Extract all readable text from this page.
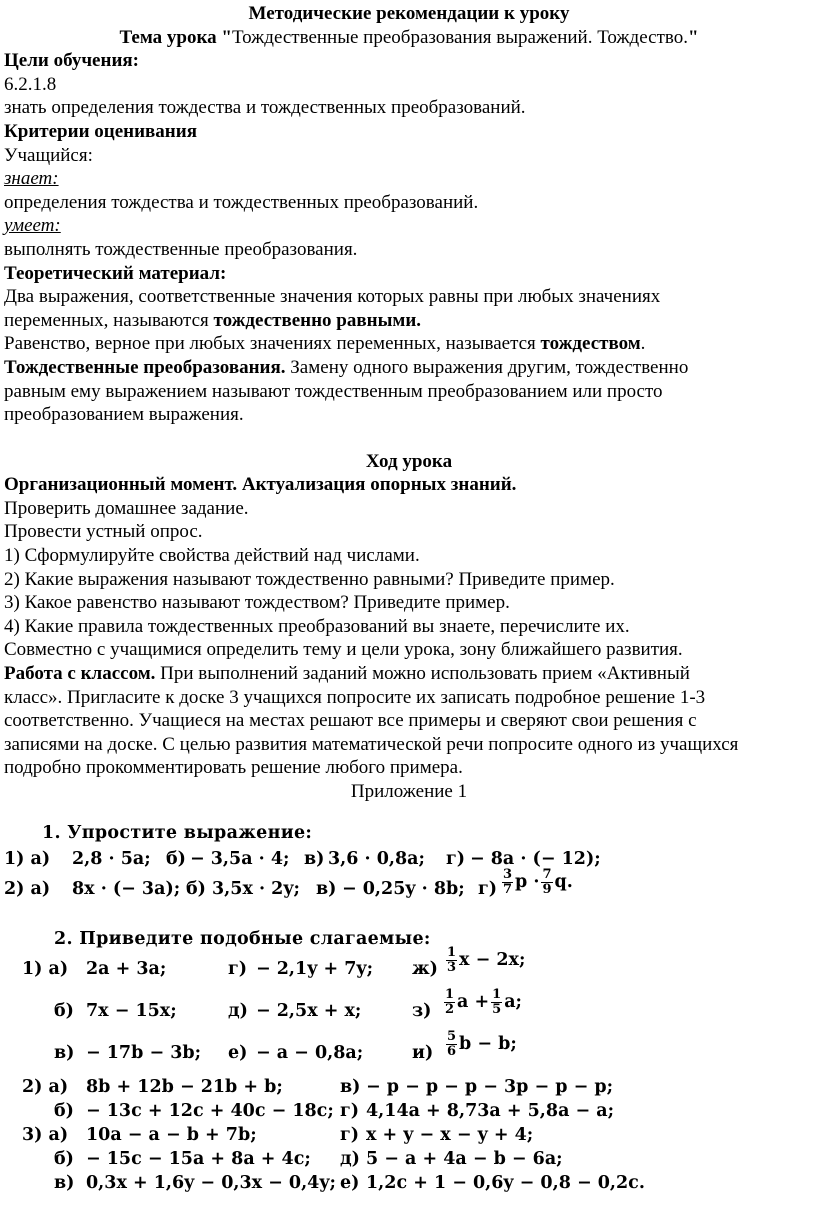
Методические рекомендации к уроку
Тема урока "Тождественные преобразования выражений. Тождество."
Цели обучения:
6.2.1.8
знать определения тождества и тождественных преобразований.
Критерии оценивания
Учащийся:
знает:
определения тождества и тождественных преобразований.
умеет:
выполнять тождественные преобразования.
Теоретический материал:
Два выражения, соответственные значения которых равны при любых значениях
переменных, называются тождественно равными.
Равенство, верное при любых значениях переменных, называется тождеством.
Тождественные преобразования. Замену одного выражения другим, тождественно
равным ему выражением называют тождественным преобразованием или просто
преобразованием выражения.
Ход урока
Организационный момент. Актуализация опорных знаний.
Проверить домашнее задание.
Провести устный опрос.
1) Сформулируйте свойства действий над числами.
2) Какие выражения называют тождественно равными? Приведите пример.
3) Какое равенство называют тождеством? Приведите пример.
4) Какие правила тождественных преобразований вы знаете, перечислите их.
Совместно с учащимися определить тему и цели урока, зону ближайшего развития.
Работа с классом. При выполнений заданий можно использовать прием «Активный
класс». Пригласите к доске 3 учащихся попросите их записать подробное решение 1-3
соответственно. Учащиеся на местах решают все примеры и сверяют свои решения с
записями на доске. С целью развития математической речи попросите одного из учащихся
подробно прокомментировать решение любого примера.
Приложение 1
1. Упростите выражение:
1) а) 2,8 · 5a; б) − 3,5a · 4; в) 3,6 · 0,8a; г) − 8a · (− 12);
2) а) 8x · (− 3a); б) 3,5x · 2y; в) − 0,25y · 8b; $г) \frac{3}{7}$ $p \cdot \frac{7}{9} q$.
2. Приведите подобные слагаемые:
1) а) 2a + 3a;	г) − 2,1y + 7y; $ж) \frac{1}{3}$ x − 2x;
б) 7x − 15x;	д) − 2,5x + x;	$з) \frac{1}{2}$ $a + \frac{1}{5} a$;
в) − 17b − 3b; е) − a − 0,8a;	$и) \frac{5}{6}$ b − b;
2) а) 8b + 12b − 21b + b;	в) − p − p − p − 3p − p − p;
б) − 13c + 12c + 40c − 18c; г) 4,14a + 8,73a + 5,8a − a;
3) а) 10a − a − b + 7b;	г) x + y − x − y + 4;
б) − 15c − 15a + 8a + 4c; д) 5 − a + 4a − b − 6a;
в) 0,3x + 1,6y − 0,3x − 0,4y; е) 1,2c + 1 − 0,6y − 0,8 − 0,2c.
